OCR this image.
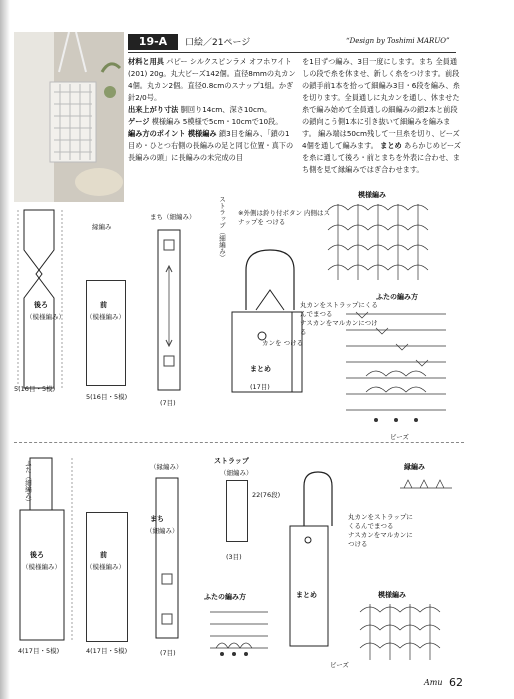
19-A	口絵／21ページ	“Design by Toshimi MARUO”
材料と用具 パピー シルクスピンラメ オフホワイト(201) 20g。丸大ビーズ142個。直径8mmの丸カン4個。丸カン2個。直径0.8cmのスナップ1組。かぎ針2/0号。
出来上がり寸法 胴回り14cm、深さ10cm。
ゲージ 模様編み 5模様で5cm・10cmで10段。
編み方のポイント 模様編み 鎖3目を編み、「鎖の1目め・ひとつ右側の長編みの足と同じ位置・真下の長編みの頭」に長編みの未完成の目
を1目ずつ編み、3目一度にします。まち 全員通しの段で糸を休ませ、新しく糸をつけます。前段の鎖手前1本を拾って細編み3目・6段を編み、糸を切ります。全員通しに丸カンを通し、休ませた糸で編み始めて全員通しの細編みの鎖2本と前段の鎖向こう側1本に引き抜いて細編みを編みます。 編み端は50cm残して一旦糸を切り、ビーズ4個を通して編みます。 まとめ あらかじめビーズを糸に通して後ろ・前とまちを外表に合わせ、まち側を見て縁編みではぎ合わせます。
後ろ
（模様編み）
5(16目・5模)
縁編み
前
（模様編み）
5(16目・5模)
まち（細編み）
(7目)
ストラップ（細編み）
まとめ
(17目)
※外側は鈴り付ボタン 内側はスナップを つける
丸カンをストラップにくるんでまつる
ナスカンをマルカンにつける
カンを つける
模様編み
ふたの編み方
ビーズ
ふた（細編み）
後ろ
（模様編み）
4(17目・5模)
前
（模様編み）
4(17目・5模)
（縁編み）
まち
（細編み）
(7目)
ストラップ
（細編み）
22(76段)
(3目)
ふたの編み方	まとめ
丸カンをストラップにくるんでまつる
ナスカンをマルカンにつける
縁編み
模様編み
ビーズ
Amu 62
